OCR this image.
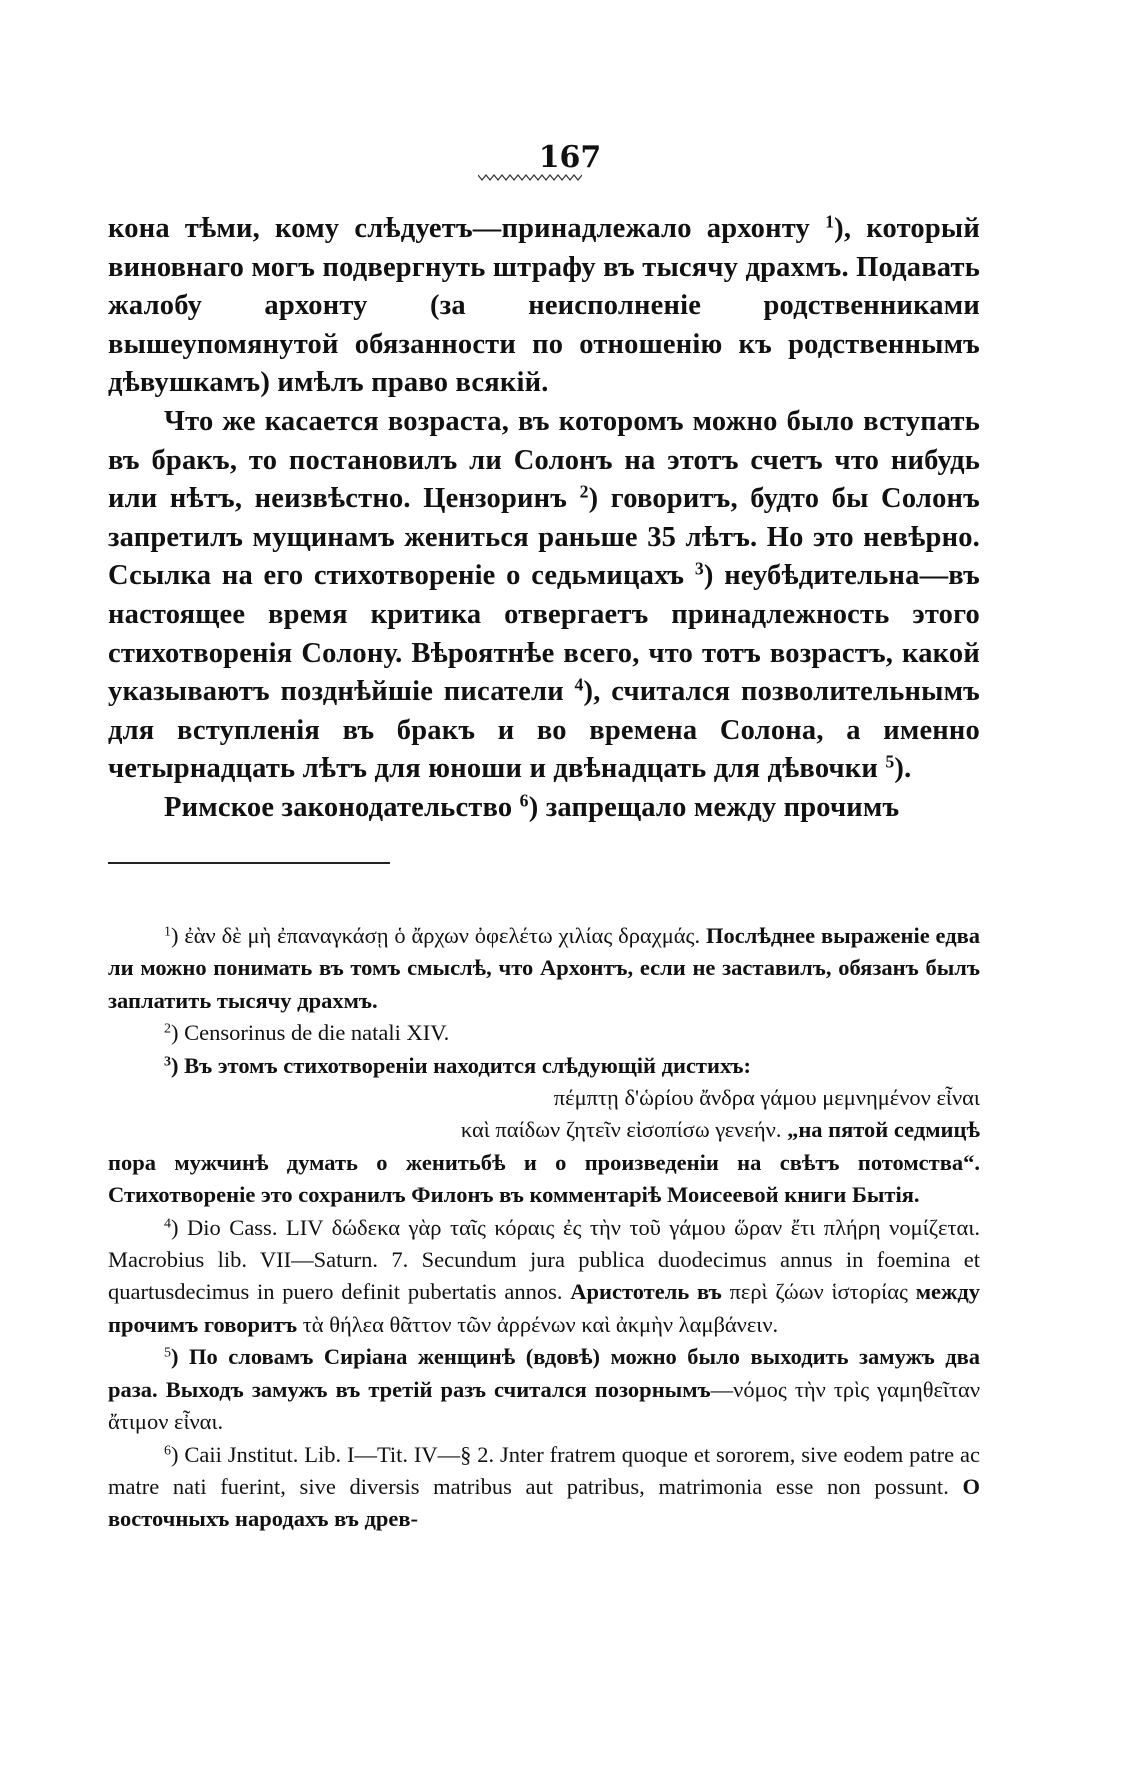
167

кона тѣми, кому слѣдуетъ—принадлежало архонту $^1$), который виновнаго могъ подвергнуть штрафу въ тысячу драхмъ. Подавать жалобу архонту (за неисполненіе родственниками вышеупомянутой обязанности по отношенію къ родственнымъ дѣвушкамъ) имѣлъ право всякій.

Что же касается возраста, въ которомъ можно было вступать въ бракъ, то постановилъ ли Солонъ на этотъ счетъ что нибудь или нѣтъ, неизвѣстно. Цензоринъ $^2$) говоритъ, будто бы Солонъ запретилъ мущинамъ жениться раньше 35 лѣтъ. Но это невѣрно. Ссылка на его стихотвореніе о седьмицахъ $^3$) неубѣдительна—въ настоящее время критика отвергаетъ принадлежность этого стихотворенія Солону. Вѣроятнѣе всего, что тотъ возрастъ, какой указываютъ позднѣйшіе писатели $^4$), считался позволительнымъ для вступленія въ бракъ и во времена Солона, а именно четырнадцать лѣтъ для юноши и двѣнадцать для дѣвочки $^5$).

Римское законодательство $^6$) запрещало между прочимъ

$^1$) ἐὰν δὲ μὴ ἐπαναγκάσῃ ὁ ἄρχων ὀφελέτω χιλίας δραχμάς. Послѣднее выраженіе едва ли можно понимать въ томъ смыслѣ, что Архонтъ, если не заставилъ, обязанъ былъ заплатить тысячу драхмъ.

$^2$) Censorinus de die natali XIV.

$^3$) Въ этомъ стихотвореніи находится слѣдующій дистихъ:

πέμπτῃ δ'ὡρίου ἄνδρα γάμου μεμνημένον εἶναι

καὶ παίδων ζητεῖν εἰσοπίσω γενεήν. „на пятой седмицѣ

пора мужчинѣ думать о женитьбѣ и о произведеніи на свѣтъ потомства“. Стихотвореніе это сохранилъ Филонъ въ комментаріѣ Моисеевой книги Бытія.

$^4$) Dio Cass. LIV δώδεκα γὰρ ταῖς κόραις ἐς τὴν τοῦ γάμου ὥραν ἔτι πλήρη νομίζεται. Macrobius lib. VII—Saturn. 7. Secundum jura publica duodecimus annus in foemina et quartusdecimus in puero definit pubertatis annos. Аристотель въ περὶ ζώων ἱστορίας между прочимъ говоритъ τὰ θήλεα θᾶττον τῶν ἀρρένων καὶ ἀκμὴν λαμβάνειν.

$^5$) По словамъ Сиріана женщинѣ (вдовѣ) можно было выходить замужъ два раза. Выходъ замужъ въ третій разъ считался позорнымъ—νόμος τὴν τρὶς γαμηθεῖταν ἄτιμον εἶναι.

$^6$) Caii Jnstitut. Lib. I—Tit. IV—§ 2. Jnter fratrem quoque et sororem, sive eodem patre ac matre nati fuerint, sive diversis matribus aut patribus, matrimonia esse non possunt. О восточныхъ народахъ въ древ-
